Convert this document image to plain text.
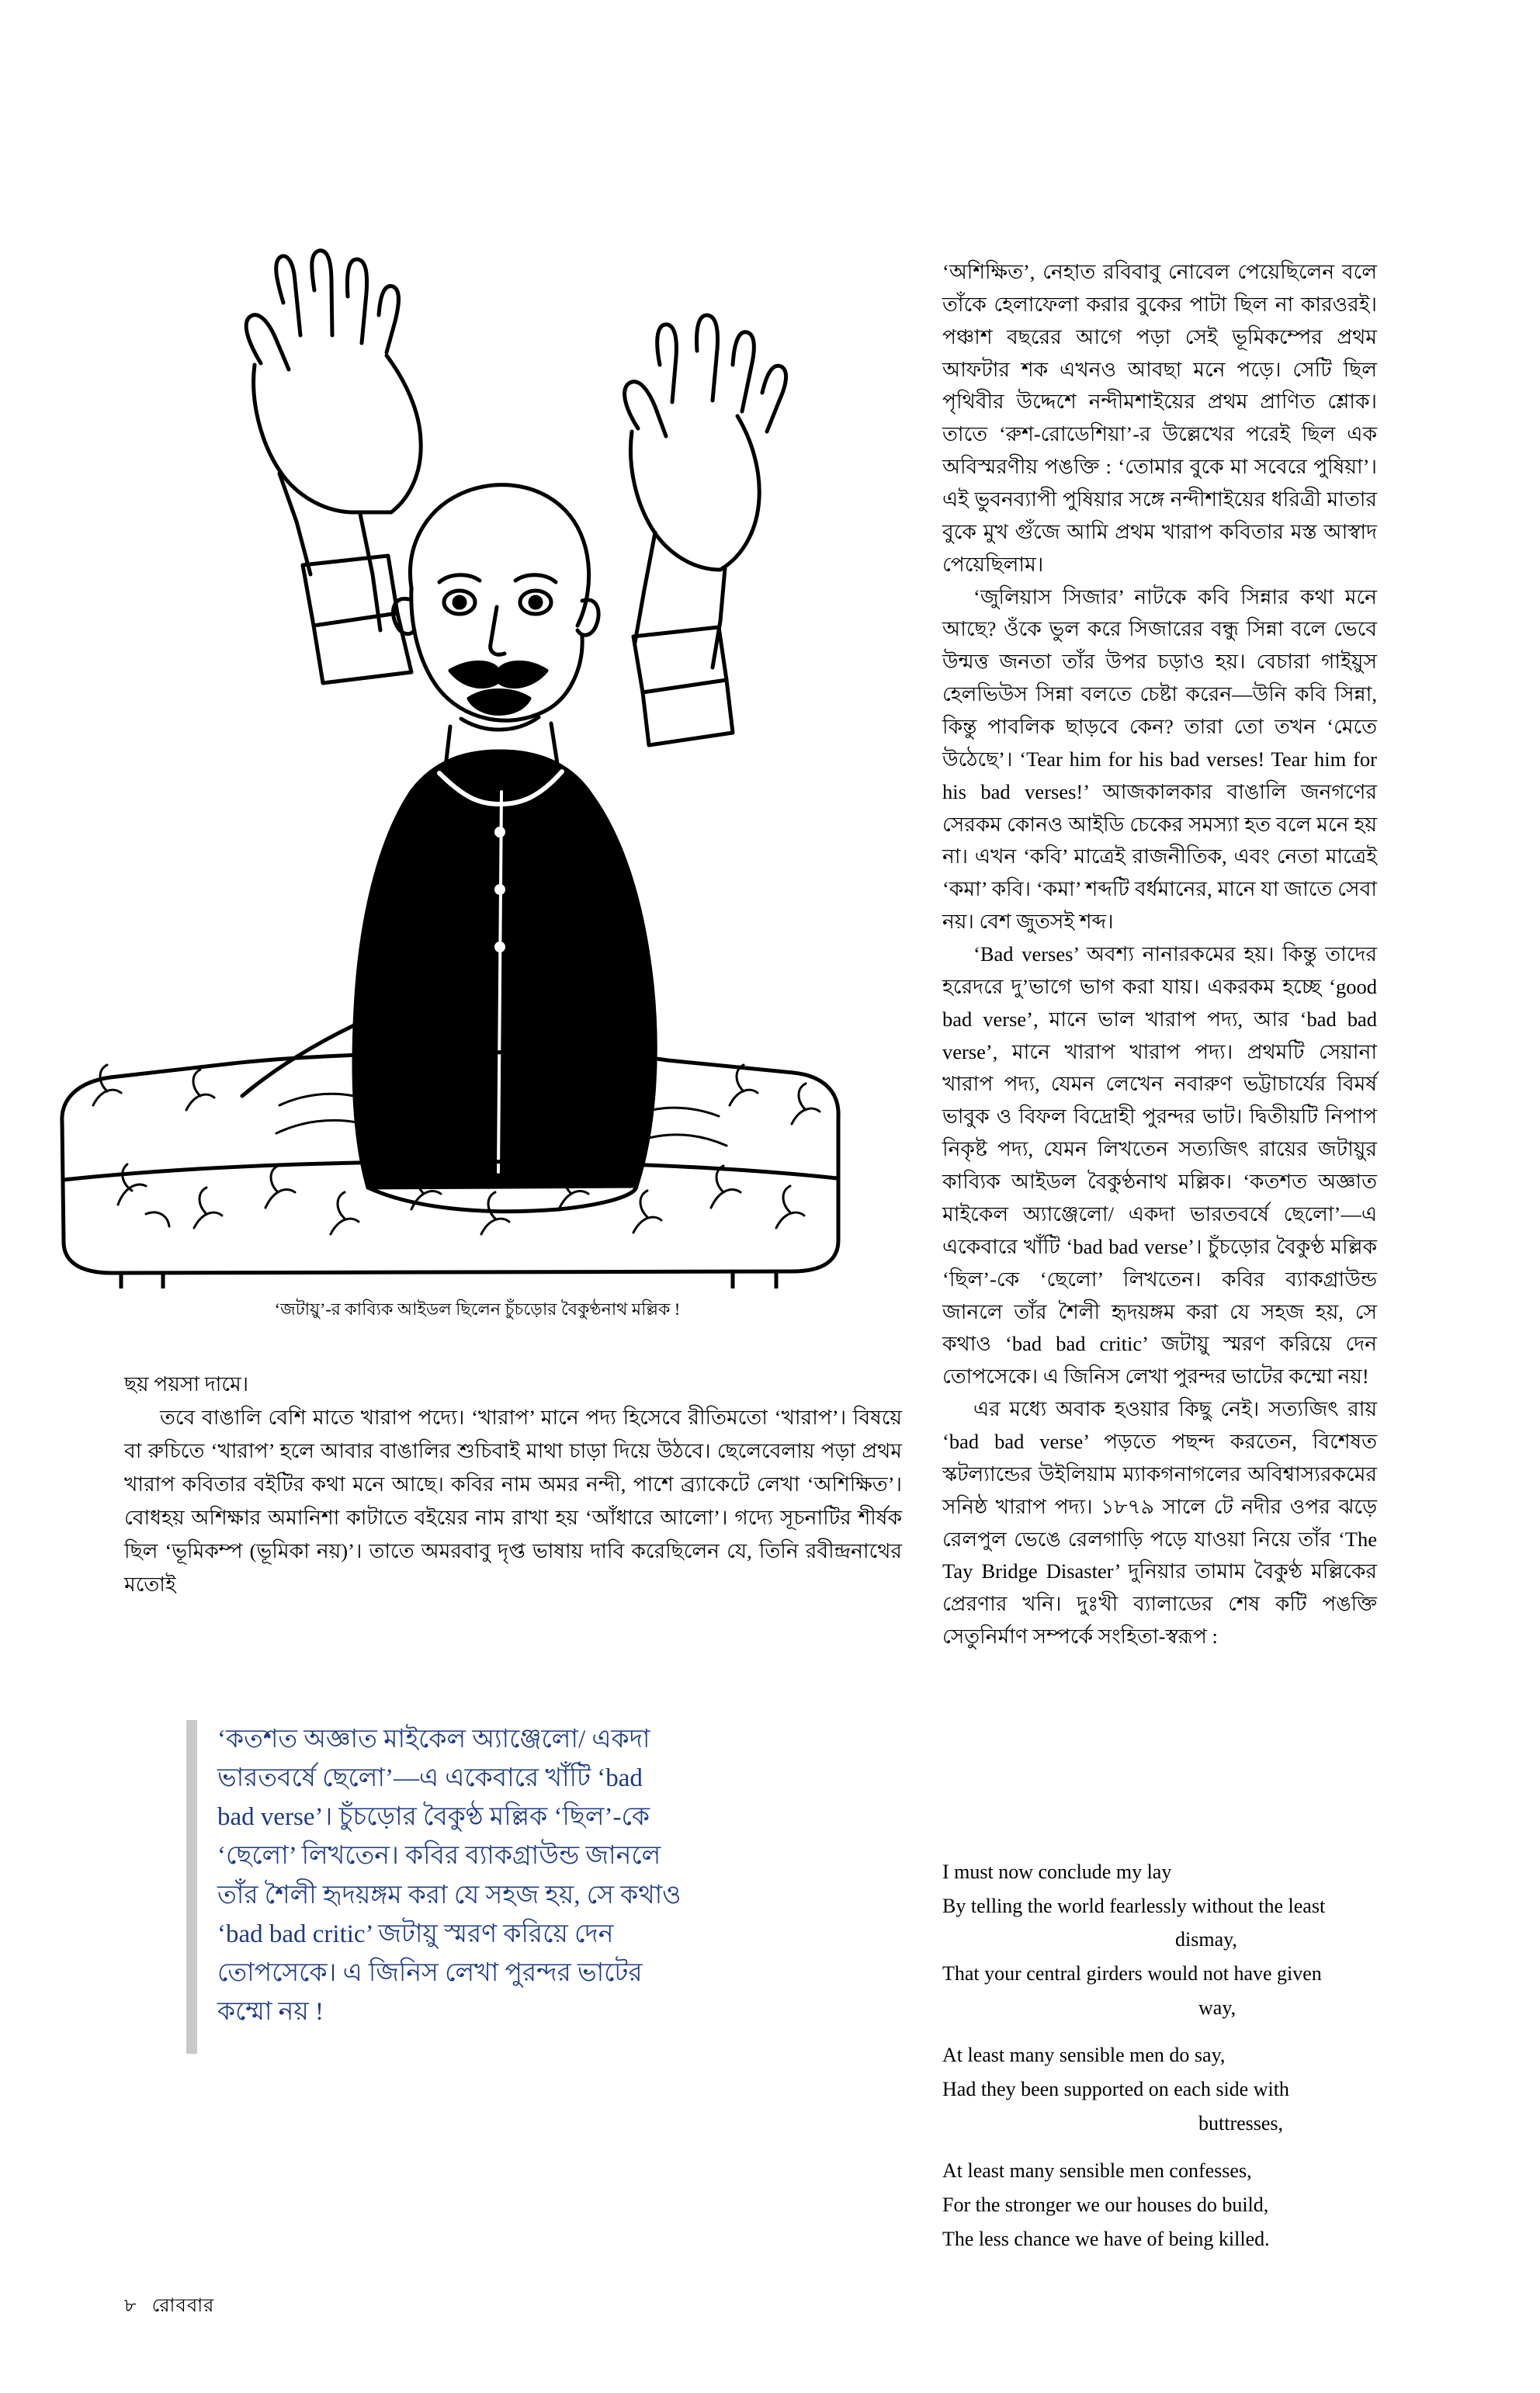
‘জটায়ু’-র কাব্যিক আইডল ছিলেন চুঁচড়োর বৈকুণ্ঠনাথ মল্লিক !

ছয় পয়সা দামে।

তবে বাঙালি বেশি মাতে খারাপ পদ্যে। ‘খারাপ’ মানে পদ্য হিসেবে রীতিমতো ‘খারাপ’। বিষয়ে বা রুচিতে ‘খারাপ’ হলে আবার বাঙালির শুচিবাই মাথা চাড়া দিয়ে উঠবে। ছেলেবেলায় পড়া প্রথম খারাপ কবিতার বইটির কথা মনে আছে। কবির নাম অমর নন্দী, পাশে ব্র্যাকেটে লেখা ‘অশিক্ষিত’। বোধহয় অশিক্ষার অমানিশা কাটাতে বইয়ের নাম রাখা হয় ‘আঁধারে আলো’। গদ্যে সূচনাটির শীর্ষক ছিল ‘ভূমিকম্প (ভূমিকা নয়)’। তাতে অমরবাবু দৃপ্ত ভাষায় দাবি করেছিলেন যে, তিনি রবীন্দ্রনাথের মতোই

‘অশিক্ষিত’, নেহাত রবিবাবু নোবেল পেয়েছিলেন বলে তাঁকে হেলাফেলা করার বুকের পাটা ছিল না কারওরই। পঞ্চাশ বছরের আগে পড়া সেই ভূমিকম্পের প্রথম আফটার শক এখনও আবছা মনে পড়ে। সেটি ছিল পৃথিবীর উদ্দেশে নন্দীমশাইয়ের প্রথম প্রাণিত শ্লোক। তাতে ‘রুশ-রোডেশিয়া’-র উল্লেখের পরেই ছিল এক অবিস্মরণীয় পঙক্তি : ‘তোমার বুকে মা সবেরে পুষিয়া’। এই ভুবনব্যাপী পুষিয়ার সঙ্গে নন্দীশাইয়ের ধরিত্রী মাতার বুকে মুখ গুঁজে আমি প্রথম খারাপ কবিতার মস্ত আস্বাদ পেয়েছিলাম।

‘জুলিয়াস সিজার’ নাটকে কবি সিন্নার কথা মনে আছে? ওঁকে ভুল করে সিজারের বন্ধু সিন্না বলে ভেবে উন্মত্ত জনতা তাঁর উপর চড়াও হয়। বেচারা গাইয়ুস হেলভিউস সিন্না বলতে চেষ্টা করেন—উনি কবি সিন্না, কিন্তু পাবলিক ছাড়বে কেন? তারা তো তখন ‘মেতে উঠেছে’। ‘Tear him for his bad verses! Tear him for his bad verses!’ আজকালকার বাঙালি জনগণের সেরকম কোনও আইডি চেকের সমস্যা হত বলে মনে হয় না। এখন ‘কবি’ মাত্রেই রাজনীতিক, এবং নেতা মাত্রেই ‘কমা’ কবি। ‘কমা’ শব্দটি বর্ধমানের, মানে যা জাতে সেবা নয়। বেশ জুতসই শব্দ।

‘Bad verses’ অবশ্য নানারকমের হয়। কিন্তু তাদের হরেদরে দু’ভাগে ভাগ করা যায়। একরকম হচ্ছে ‘good bad verse’, মানে ভাল খারাপ পদ্য, আর ‘bad bad verse’, মানে খারাপ খারাপ পদ্য। প্রথমটি সেয়ানা খারাপ পদ্য, যেমন লেখেন নবারুণ ভট্টাচার্যের বিমর্ষ ভাবুক ও বিফল বিদ্রোহী পুরন্দর ভাট। দ্বিতীয়টি নিপাপ নিকৃষ্ট পদ্য, যেমন লিখতেন সত্যজিৎ রায়ের জটায়ুর কাব্যিক আইডল বৈকুণ্ঠনাথ মল্লিক। ‘কতশত অজ্ঞাত মাইকেল অ্যাঞ্জেলো/ একদা ভারতবর্ষে ছেলো’—এ একেবারে খাঁটি ‘bad bad verse’। চুঁচড়োর বৈকুণ্ঠ মল্লিক ‘ছিল’-কে ‘ছেলো’ লিখতেন। কবির ব্যাকগ্রাউন্ড জানলে তাঁর শৈলী হৃদয়ঙ্গম করা যে সহজ হয়, সে কথাও ‘bad bad critic’ জটায়ু স্মরণ করিয়ে দেন তোপসেকে। এ জিনিস লেখা পুরন্দর ভাটের কম্মো নয়!

এর মধ্যে অবাক হওয়ার কিছু নেই। সত্যজিৎ রায় ‘bad bad verse’ পড়তে পছন্দ করতেন, বিশেষত স্কটল্যান্ডের উইলিয়াম ম্যাকগনাগলের অবিশ্বাস্যরকমের সনিষ্ঠ খারাপ পদ্য। ১৮৭৯ সালে টে নদীর ওপর ঝড়ে রেলপুল ভেঙে রেলগাড়ি পড়ে যাওয়া নিয়ে তাঁর ‘The Tay Bridge Disaster’ দুনিয়ার তামাম বৈকুণ্ঠ মল্লিকের প্রেরণার খনি। দুঃখী ব্যালাডের শেষ কটি পঙক্তি সেতুনির্মাণ সম্পর্কে সংহিতা-স্বরূপ :

‘কতশত অজ্ঞাত মাইকেল অ্যাঞ্জেলো/ একদা ভারতবর্ষে ছেলো’—এ একেবারে খাঁটি ‘bad bad verse’। চুঁচড়োর বৈকুণ্ঠ মল্লিক ‘ছিল’-কে ‘ছেলো’ লিখতেন। কবির ব্যাকগ্রাউন্ড জানলে তাঁর শৈলী হৃদয়ঙ্গম করা যে সহজ হয়, সে কথাও ‘bad bad critic’ জটায়ু স্মরণ করিয়ে দেন তোপসেকে। এ জিনিস লেখা পুরন্দর ভাটের কম্মো নয় !
I must now conclude my lay
By telling the world fearlessly without the least
dismay,
That your central girders would not have given
way,
At least many sensible men do say,
Had they been supported on each side with
buttresses,
At least many sensible men confesses,
For the stronger we our houses do build,
The less chance we have of being killed.
৮ রোববার
